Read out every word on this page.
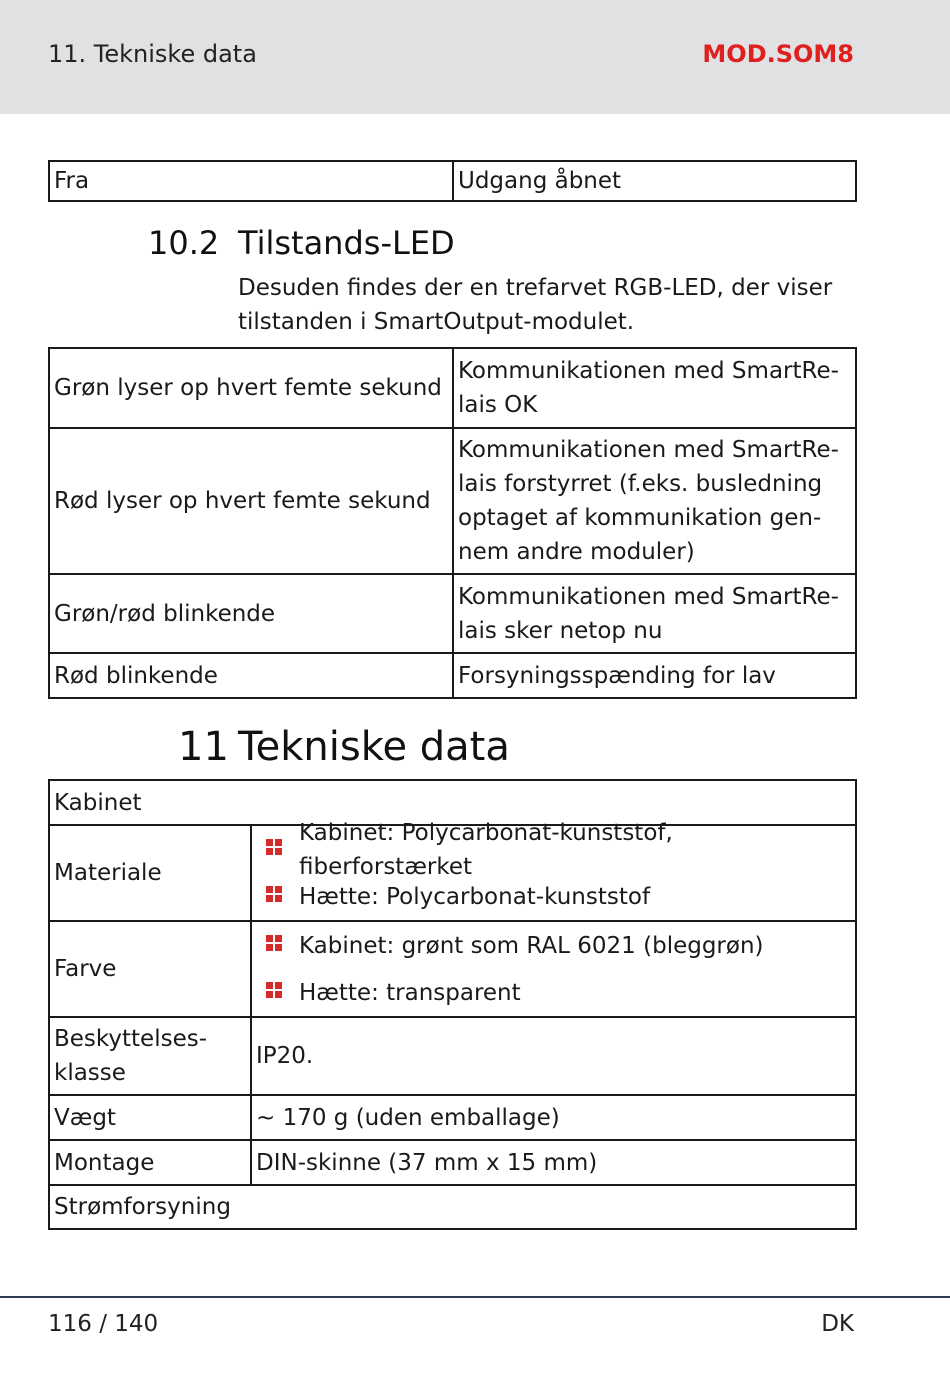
11. Tekniske data	MOD.SOM8
Fra	Udgang åbnet
10.2 Tilstands-LED
Desuden findes der en trefarvet RGB-LED, der viser
tilstanden i SmartOutput-modulet.
Grøn lyser op hvert femte sekund	Kommunikationen med SmartRe-
lais OK

Rød lyser op hvert femte sekund	Kommunikationen med SmartRe-
lais forstyrret (f.eks. busledning
optaget af kommunikation gen-
nem andre moduler)

Grøn/rød blinkende	Kommunikationen med SmartRe-
lais sker netop nu

Rød blinkende	Forsyningsspænding for lav
11 Tekniske data
Kabinet	
Materiale	Kabinet: Polycarbonat-kunststof, fiberforstærket
Hætte: Polycarbonat-kunststof

Farve	Kabinet: grønt som RAL 6021 (bleggrøn)
Hætte: transparent

Beskyttelses-
klasse	IP20.
Vægt	~ 170 g (uden emballage)
Montage	DIN-skinne (37 mm x 15 mm)
Strømforsyning	
116 / 140	DK
